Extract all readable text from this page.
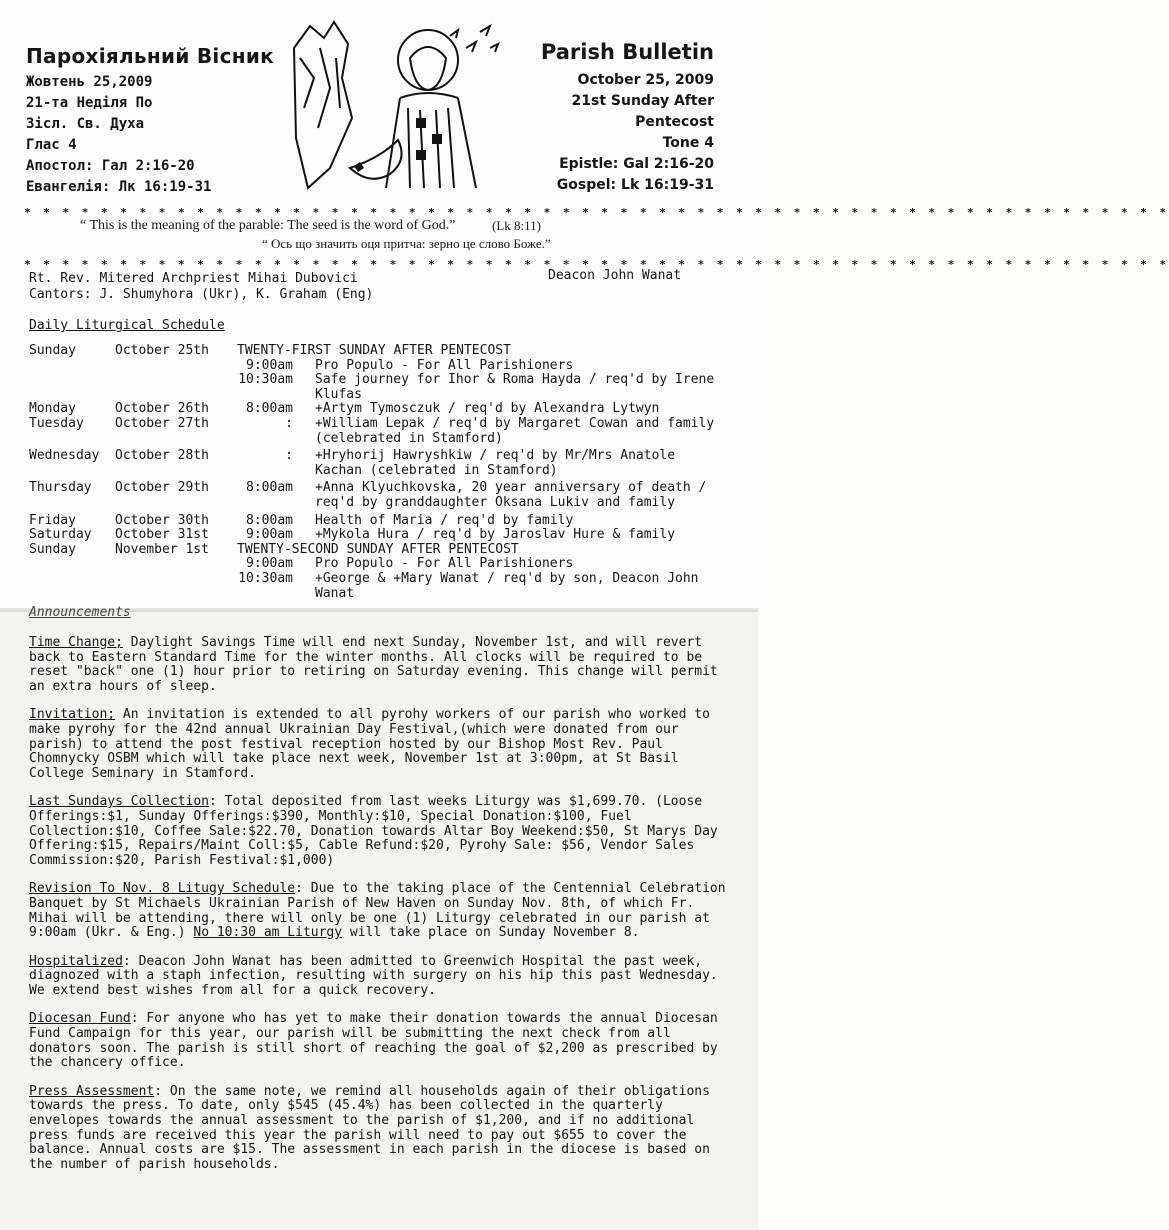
Парохіяльний Вісник
Жовтень 25,2009
21-та Неділя По
Зісл. Св. Духа
Глас 4
Апостол: Гал 2:16-20
Евангелія: Лк 16:19-31
Parish Bulletin
October 25, 2009
21st Sunday After
Pentecost
Tone 4
Epistle: Gal 2:16-20
Gospel: Lk 16:19-31
* * * * * * * * * * * * * * * * * * * * * * * * * * * * * * * * * * * * * * * * * * * * * * * * * * * * * * * * * * * *
“ This is the meaning of the parable: The seed is the word of God.”	(Lk 8:11)
“ Ось що значить оця притча: зерно це слово Боже.”
* * * * * * * * * * * * * * * * * * * * * * * * * * * * * * * * * * * * * * * * * * * * * * * * * * * * * * * * * * * *
Rt. Rev. Mitered Archpriest Mihai Dubovici
Cantors: J. Shumyhora (Ukr), K. Graham (Eng)
Deacon John Wanat
Daily Liturgical Schedule
Sunday	October 25th TWENTY-FIRST SUNDAY AFTER PENTECOST
9:00am Pro Populo - For All Parishioners
10:30am Safe journey for Ihor & Roma Hayda / req'd by Irene Klufas
Monday	October 26th	8:00am +Artym Tymosczuk / req'd by Alexandra Lytwyn
Tuesday October 27th	: +William Lepak / req'd by Margaret Cowan and family (celebrated in Stamford)
Wednesday October 28th	: +Hryhorij Hawryshkiw / req'd by Mr/Mrs Anatole Kachan (celebrated in Stamford)
Thursday October 29th	8:00am +Anna Klyuchkovska, 20 year anniversary of death / req'd by granddaughter Oksana Lukiv and family
Friday	October 30th	8:00am Health of Maria / req'd by family
Saturday October 31st	9:00am +Mykola Hura / req'd by Jaroslav Hure & family
Sunday	November 1st TWENTY-SECOND SUNDAY AFTER PENTECOST
9:00am Pro Populo - For All Parishioners
10:30am +George & +Mary Wanat / req'd by son, Deacon John Wanat
Announcements

Time Change; Daylight Savings Time will end next Sunday, November 1st, and will revert back to Eastern Standard Time for the winter months. All clocks will be required to be reset "back" one (1) hour prior to retiring on Saturday evening. This change will permit an extra hours of sleep.

Invitation; An invitation is extended to all pyrohy workers of our parish who worked to make pyrohy for the 42nd annual Ukrainian Day Festival,(which were donated from our parish) to attend the post festival reception hosted by our Bishop Most Rev. Paul Chomnycky OSBM which will take place next week, November 1st at 3:00pm, at St Basil College Seminary in Stamford.

Last Sundays Collection: Total deposited from last weeks Liturgy was $1,699.70. (Loose Offerings:$1, Sunday Offerings:$390, Monthly:$10, Special Donation:$100, Fuel Collection:$10, Coffee Sale:$22.70, Donation towards Altar Boy Weekend:$50, St Marys Day Offering:$15, Repairs/Maint Coll:$5, Cable Refund:$20, Pyrohy Sale: $56, Vendor Sales Commission:$20, Parish Festival:$1,000)

Revision To Nov. 8 Litugy Schedule: Due to the taking place of the Centennial Celebration Banquet by St Michaels Ukrainian Parish of New Haven on Sunday Nov. 8th, of which Fr. Mihai will be attending, there will only be one (1) Liturgy celebrated in our parish at 9:00am (Ukr. & Eng.) No 10:30 am Liturgy will take place on Sunday November 8.

Hospitalized: Deacon John Wanat has been admitted to Greenwich Hospital the past week, diagnozed with a staph infection, resulting with surgery on his hip this past Wednesday. We extend best wishes from all for a quick recovery.

Diocesan Fund: For anyone who has yet to make their donation towards the annual Diocesan Fund Campaign for this year, our parish will be submitting the next check from all donators soon. The parish is still short of reaching the goal of $2,200 as prescribed by the chancery office.

Press Assessment: On the same note, we remind all households again of their obligations towards the press. To date, only $545 (45.4%) has been collected in the quarterly envelopes towards the annual assessment to the parish of $1,200, and if no additional press funds are received this year the parish will need to pay out $655 to cover the balance. Annual costs are $15. The assessment in each parish in the diocese is based on the number of parish households.
